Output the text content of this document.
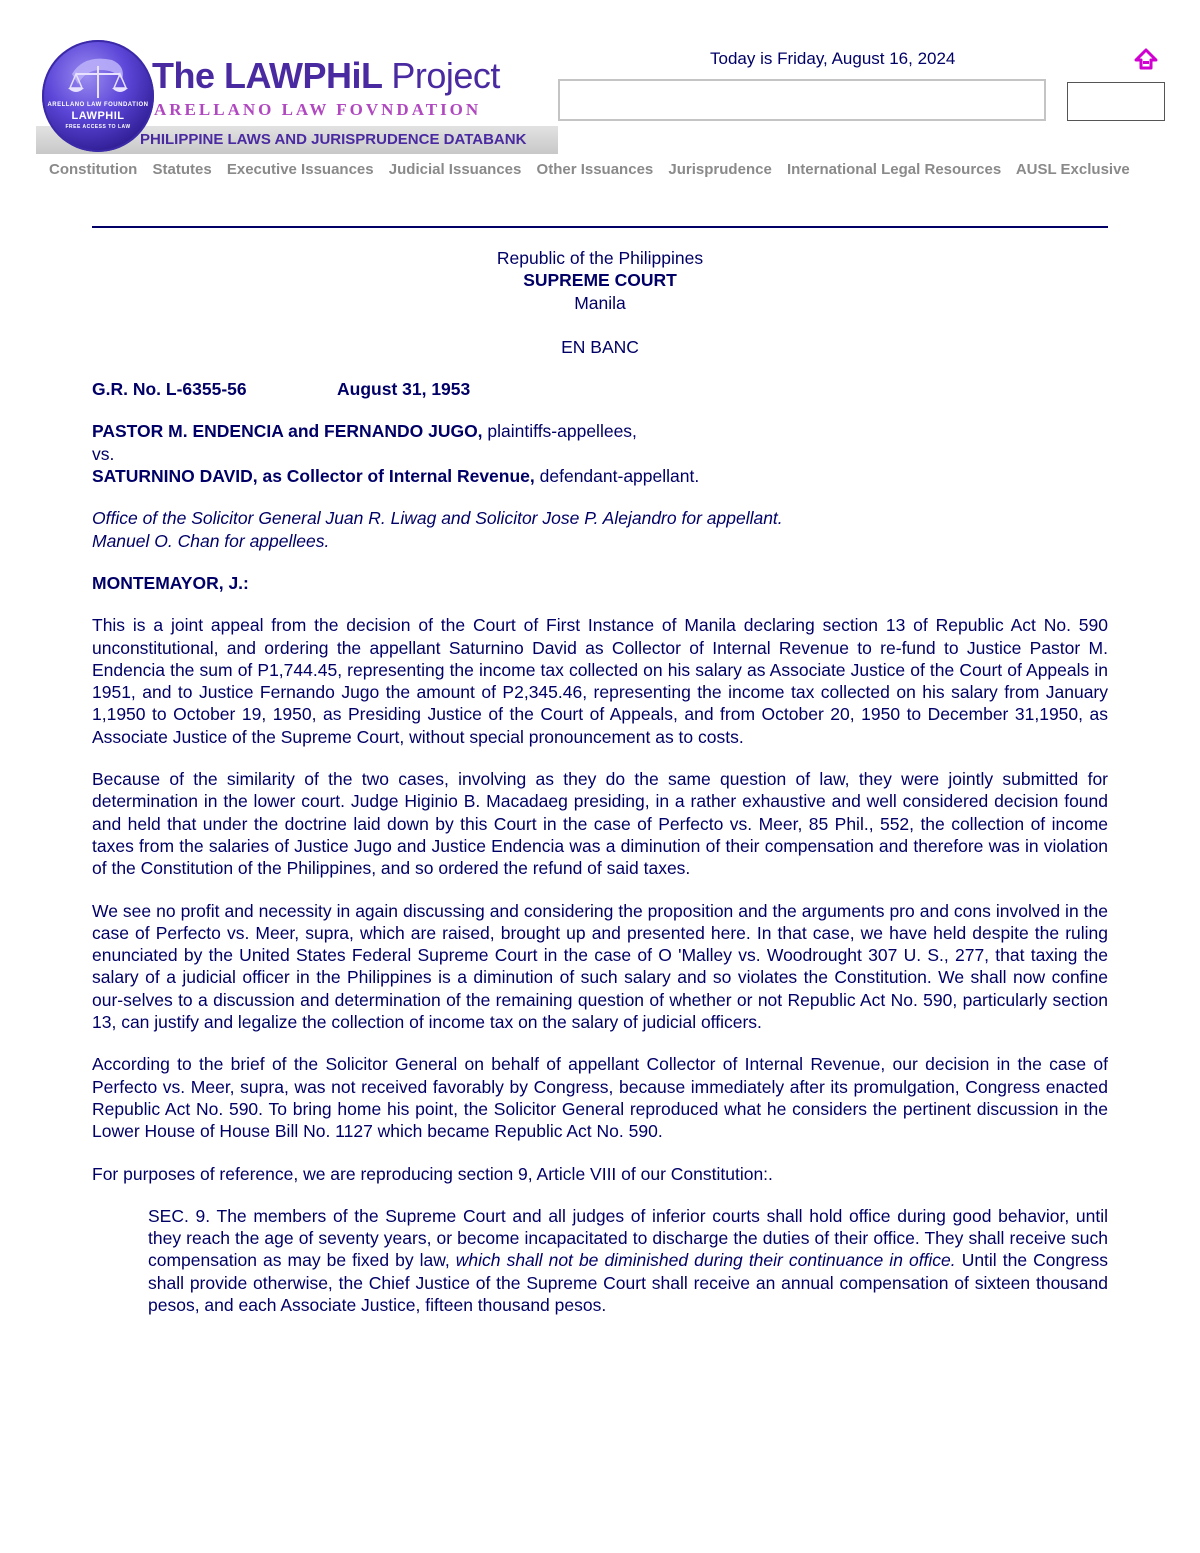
PHILIPPINE LAWS AND JURISPRUDENCE DATABANK
ARELLANO LAW FOUNDATION
LAWPHIL
FREE ACCESS TO LAW
The LAWPHiL Project
ARELLANO LAW FOVNDATION
Today is Friday, August 16, 2024
Constitution Statutes Executive Issuances Judicial Issuances Other Issuances Jurisprudence International Legal Resources AUSL Exclusive

Republic of the Philippines

SUPREME COURT

Manila

EN BANC

G.R. No. L-6355-56	August 31, 1953

PASTOR M. ENDENCIA and FERNANDO JUGO, plaintiffs-appellees,

vs.

SATURNINO DAVID, as Collector of Internal Revenue, defendant-appellant.

Office of the Solicitor General Juan R. Liwag and Solicitor Jose P. Alejandro for appellant.

Manuel O. Chan for appellees.

MONTEMAYOR, J.:

This is a joint appeal from the decision of the Court of First Instance of Manila declaring section 13 of Republic Act No. 590 unconstitutional, and ordering the appellant Saturnino David as Collector of Internal Revenue to re-fund to Justice Pastor M. Endencia the sum of P1,744.45, representing the income tax collected on his salary as Associate Justice of the Court of Appeals in 1951, and to Justice Fernando Jugo the amount of P2,345.46, representing the income tax collected on his salary from January 1,1950 to October 19, 1950, as Presiding Justice of the Court of Appeals, and from October 20, 1950 to December 31,1950, as Associate Justice of the Supreme Court, without special pronouncement as to costs.

Because of the similarity of the two cases, involving as they do the same question of law, they were jointly submitted for determination in the lower court. Judge Higinio B. Macadaeg presiding, in a rather exhaustive and well considered decision found and held that under the doctrine laid down by this Court in the case of Perfecto vs. Meer, 85 Phil., 552, the collection of income taxes from the salaries of Justice Jugo and Justice Endencia was a diminution of their compensation and therefore was in violation of the Constitution of the Philippines, and so ordered the refund of said taxes.

We see no profit and necessity in again discussing and considering the proposition and the arguments pro and cons involved in the case of Perfecto vs. Meer, supra, which are raised, brought up and presented here. In that case, we have held despite the ruling enunciated by the United States Federal Supreme Court in the case of O 'Malley vs. Woodrought 307 U. S., 277, that taxing the salary of a judicial officer in the Philippines is a diminution of such salary and so violates the Constitution. We shall now confine our-selves to a discussion and determination of the remaining question of whether or not Republic Act No. 590, particularly section 13, can justify and legalize the collection of income tax on the salary of judicial officers.

According to the brief of the Solicitor General on behalf of appellant Collector of Internal Revenue, our decision in the case of Perfecto vs. Meer, supra, was not received favorably by Congress, because immediately after its promulgation, Congress enacted Republic Act No. 590. To bring home his point, the Solicitor General reproduced what he considers the pertinent discussion in the Lower House of House Bill No. 1127 which became Republic Act No. 590.

For purposes of reference, we are reproducing section 9, Article VIII of our Constitution:.

SEC. 9. The members of the Supreme Court and all judges of inferior courts shall hold office during good behavior, until they reach the age of seventy years, or become incapacitated to discharge the duties of their office. They shall receive such compensation as may be fixed by law, which shall not be diminished during their continuance in office. Until the Congress shall provide otherwise, the Chief Justice of the Supreme Court shall receive an annual compensation of sixteen thousand pesos, and each Associate Justice, fifteen thousand pesos.
